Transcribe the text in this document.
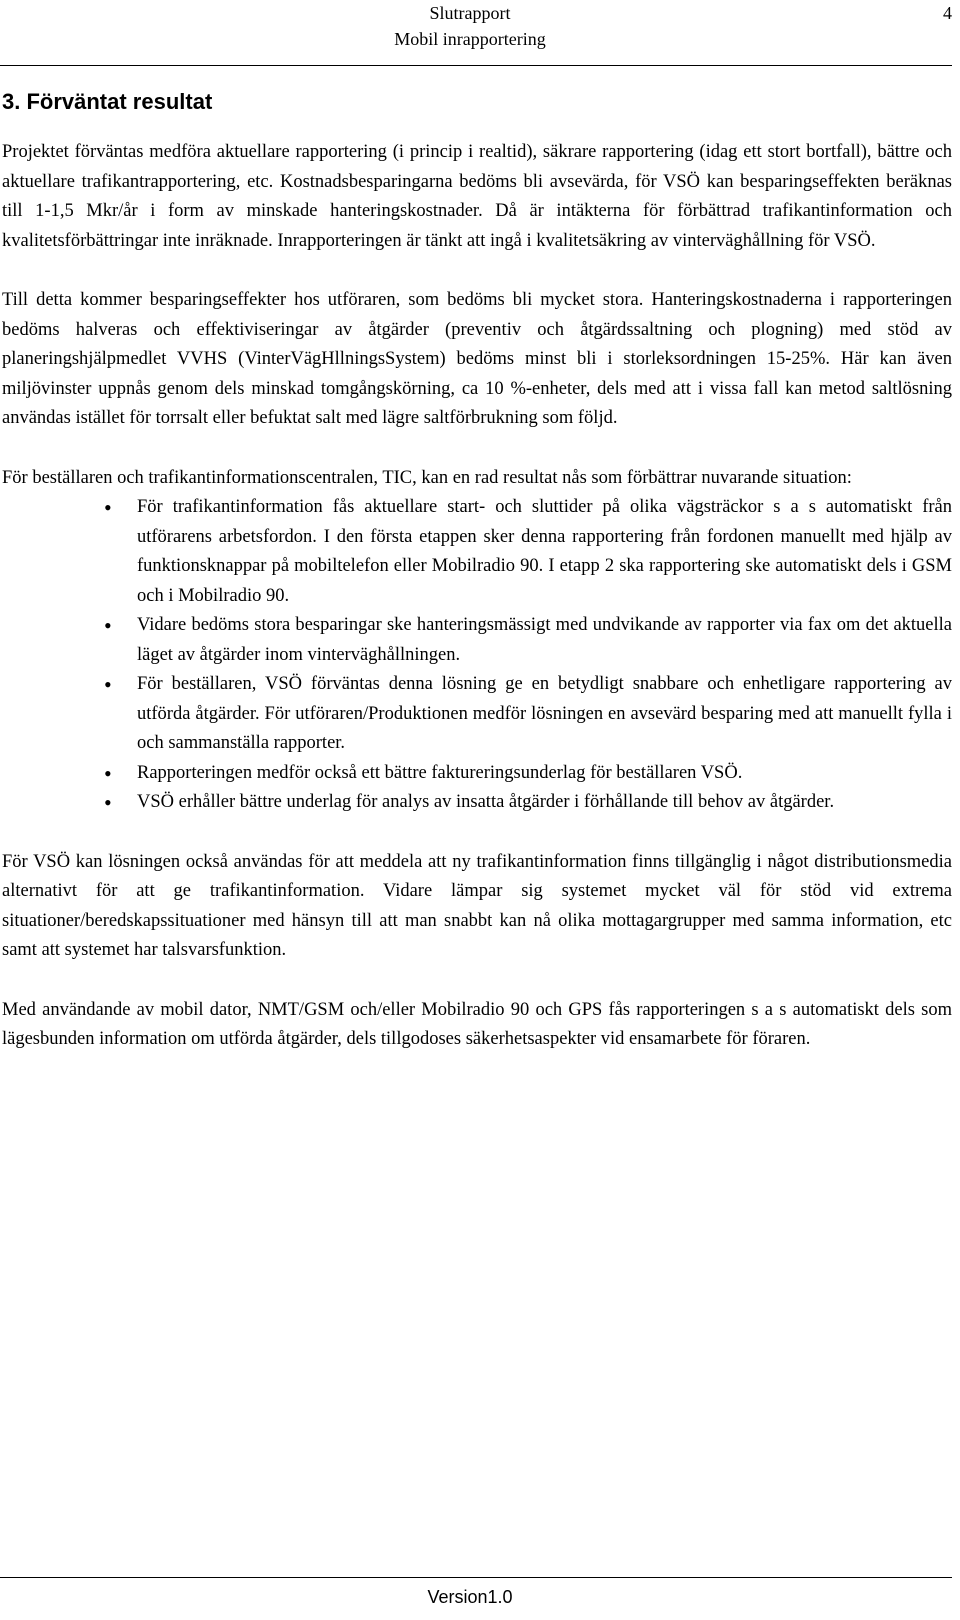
Slutrapport
Mobil inrapportering
4
3. Förväntat resultat

Projektet förväntas medföra aktuellare rapportering (i princip i realtid), säkrare rapportering (idag ett stort bortfall), bättre och aktuellare trafikantrapportering, etc. Kostnadsbesparingarna bedöms bli avsevärda, för VSÖ kan besparingseffekten beräknas till 1-1,5 Mkr/år i form av minskade hanteringskostnader. Då är intäkterna för förbättrad trafikantinformation och kvalitetsförbättringar inte inräknade. Inrapporteringen är tänkt att ingå i kvalitetsäkring av vinterväghållning för VSÖ.

Till detta kommer besparingseffekter hos utföraren, som bedöms bli mycket stora. Hanteringskostnaderna i rapporteringen bedöms halveras och effektiviseringar av åtgärder (preventiv och åtgärdssaltning och plogning) med stöd av planeringshjälpmedlet VVHS (VinterVägHllningsSystem) bedöms minst bli i storleksordningen 15-25%. Här kan även miljövinster uppnås genom dels minskad tomgångskörning, ca 10 %-enheter, dels med att i vissa fall kan metod saltlösning användas istället för torrsalt eller befuktat salt med lägre saltförbrukning som följd.

För beställaren och trafikantinformationscentralen, TIC, kan en rad resultat nås som förbättrar nuvarande situation:

• För trafikantinformation fås aktuellare start- och sluttider på olika vägsträckor s a s automatiskt från utförarens arbetsfordon. I den första etappen sker denna rapportering från fordonen manuellt med hjälp av funktionsknappar på mobiltelefon eller Mobilradio 90. I etapp 2 ska rapportering ske automatiskt dels i GSM och i Mobilradio 90.
• Vidare bedöms stora besparingar ske hanteringsmässigt med undvikande av rapporter via fax om det aktuella läget av åtgärder inom vinterväghållningen.
• För beställaren, VSÖ förväntas denna lösning ge en betydligt snabbare och enhetligare rapportering av utförda åtgärder. För utföraren/Produktionen medför lösningen en avsevärd besparing med att manuellt fylla i och sammanställa rapporter.
• Rapporteringen medför också ett bättre faktureringsunderlag för beställaren VSÖ.
• VSÖ erhåller bättre underlag för analys av insatta åtgärder i förhållande till behov av åtgärder.

För VSÖ kan lösningen också användas för att meddela att ny trafikantinformation finns tillgänglig i något distributionsmedia alternativt för att ge trafikantinformation. Vidare lämpar sig systemet mycket väl för stöd vid extrema situationer/beredskapssituationer med hänsyn till att man snabbt kan nå olika mottagargrupper med samma information, etc samt att systemet har talsvarsfunktion.

Med användande av mobil dator, NMT/GSM och/eller Mobilradio 90 och GPS fås rapporteringen s a s automatiskt dels som lägesbunden information om utförda åtgärder, dels tillgodoses säkerhetsaspekter vid ensamarbete för föraren.

Version1.0
